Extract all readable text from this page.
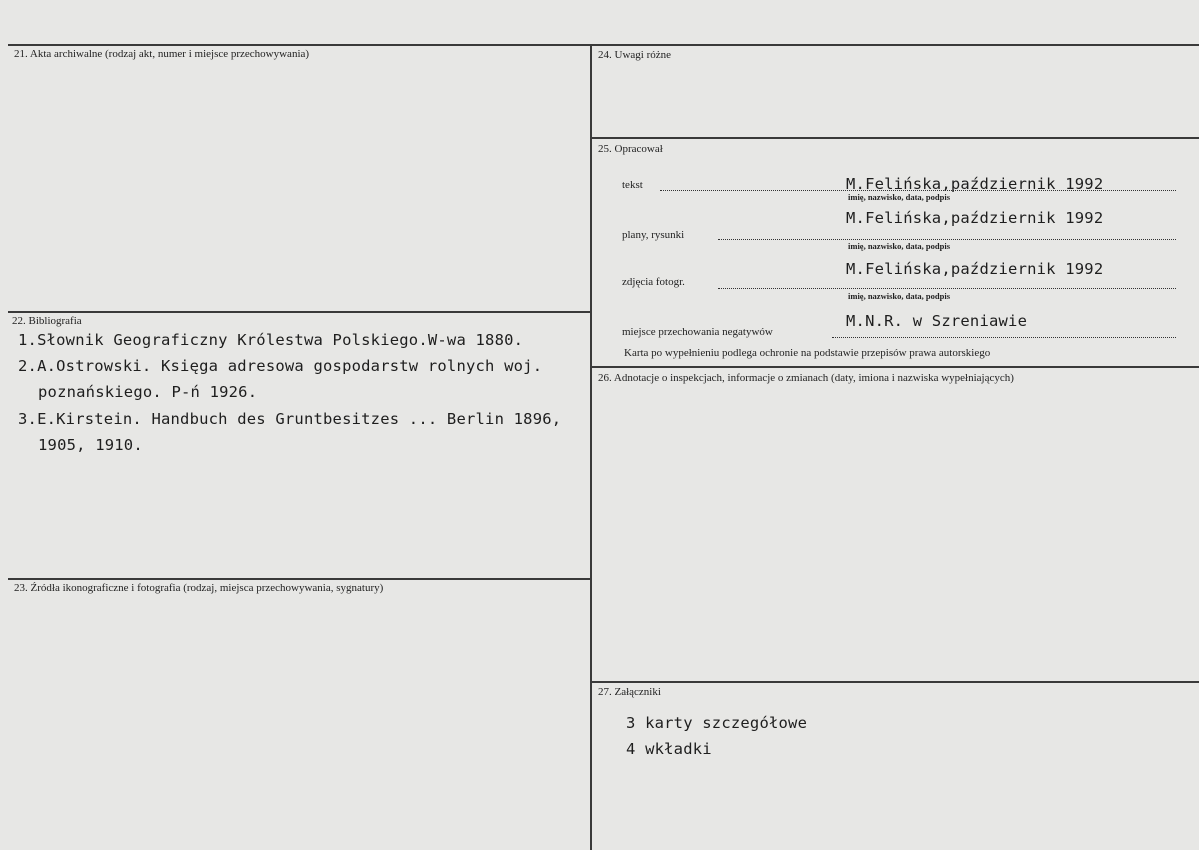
21. Akta archiwalne (rodzaj akt, numer i miejsce przechowywania)
22. Bibliografia
1.Słownik Geograficzny Królestwa Polskiego.W-wa 1880.
2.A.Ostrowski. Księga adresowa gospodarstw rolnych woj.
poznańskiego. P-ń 1926.
3.E.Kirstein. Handbuch des Gruntbesitzes ... Berlin 1896,
1905, 1910.
23. Źródła ikonograficzne i fotografia (rodzaj, miejsca przechowywania, sygnatury)
24. Uwagi różne
25. Opracował
tekst	M.Felińska,październik 1992
imię, nazwisko, data, podpis
M.Felińska,październik 1992
plany, rysunki
imię, nazwisko, data, podpis
M.Felińska,październik 1992
zdjęcia fotogr.
imię, nazwisko, data, podpis
M.N.R. w Szreniawie
miejsce przechowania negatywów
Karta po wypełnieniu podlega ochronie na podstawie przepisów prawa autorskiego
26. Adnotacje o inspekcjach, informacje o zmianach (daty, imiona i nazwiska wypełniających)
27. Załączniki
3 karty szczegółowe
4 wkładki
